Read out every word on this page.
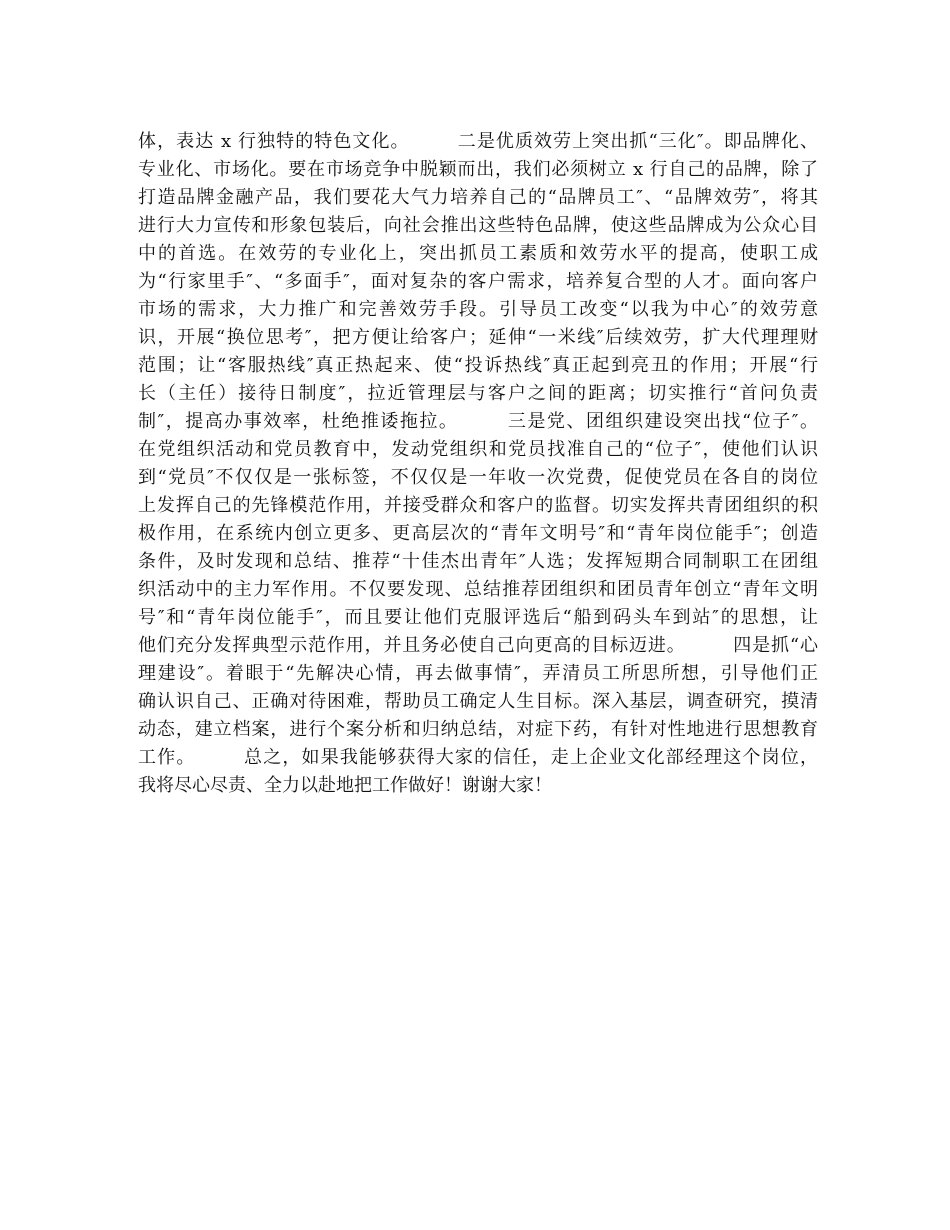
体，表达 x 行独特的特色文化。　　　二是优质效劳上突出抓“三化″。即品牌化、
专业化、市场化。要在市场竞争中脱颖而出，我们必须树立 x 行自己的品牌，除了
打造品牌金融产品，我们要花大气力培养自己的“品牌员工″、“品牌效劳″，将其
进行大力宣传和形象包装后，向社会推出这些特色品牌，使这些品牌成为公众心目
中的首选。在效劳的专业化上，突出抓员工素质和效劳水平的提高，使职工成
为“行家里手″、“多面手″，面对复杂的客户需求，培养复合型的人才。面向客户
市场的需求，大力推广和完善效劳手段。引导员工改变“以我为中心″的效劳意
识，开展“换位思考″，把方便让给客户；延伸“一米线″后续效劳，扩大代理理财
范围；让“客服热线″真正热起来、使“投诉热线″真正起到亮丑的作用；开展“行
长（主任）接待日制度″，拉近管理层与客户之间的距离；切实推行“首问负责
制″，提高办事效率，杜绝推诿拖拉。　　　三是党、团组织建设突出找“位子″。
在党组织活动和党员教育中，发动党组织和党员找准自己的“位子″，使他们认识
到“党员″不仅仅是一张标签，不仅仅是一年收一次党费，促使党员在各自的岗位
上发挥自己的先锋模范作用，并接受群众和客户的监督。切实发挥共青团组织的积
极作用，在系统内创立更多、更高层次的“青年文明号″和“青年岗位能手″；创造
条件，及时发现和总结、推荐“十佳杰出青年″人选；发挥短期合同制职工在团组
织活动中的主力军作用。不仅要发现、总结推荐团组织和团员青年创立“青年文明
号″和“青年岗位能手″，而且要让他们克服评选后“船到码头车到站″的思想，让
他们充分发挥典型示范作用，并且务必使自己向更高的目标迈进。　　　四是抓“心
理建设″。着眼于“先解决心情，再去做事情″，弄清员工所思所想，引导他们正
确认识自己、正确对待困难，帮助员工确定人生目标。深入基层，调查研究，摸清
动态，建立档案，进行个案分析和归纳总结，对症下药，有针对性地进行思想教育
工作。　　　总之，如果我能够获得大家的信任，走上企业文化部经理这个岗位，
我将尽心尽责、全力以赴地把工作做好！谢谢大家！
